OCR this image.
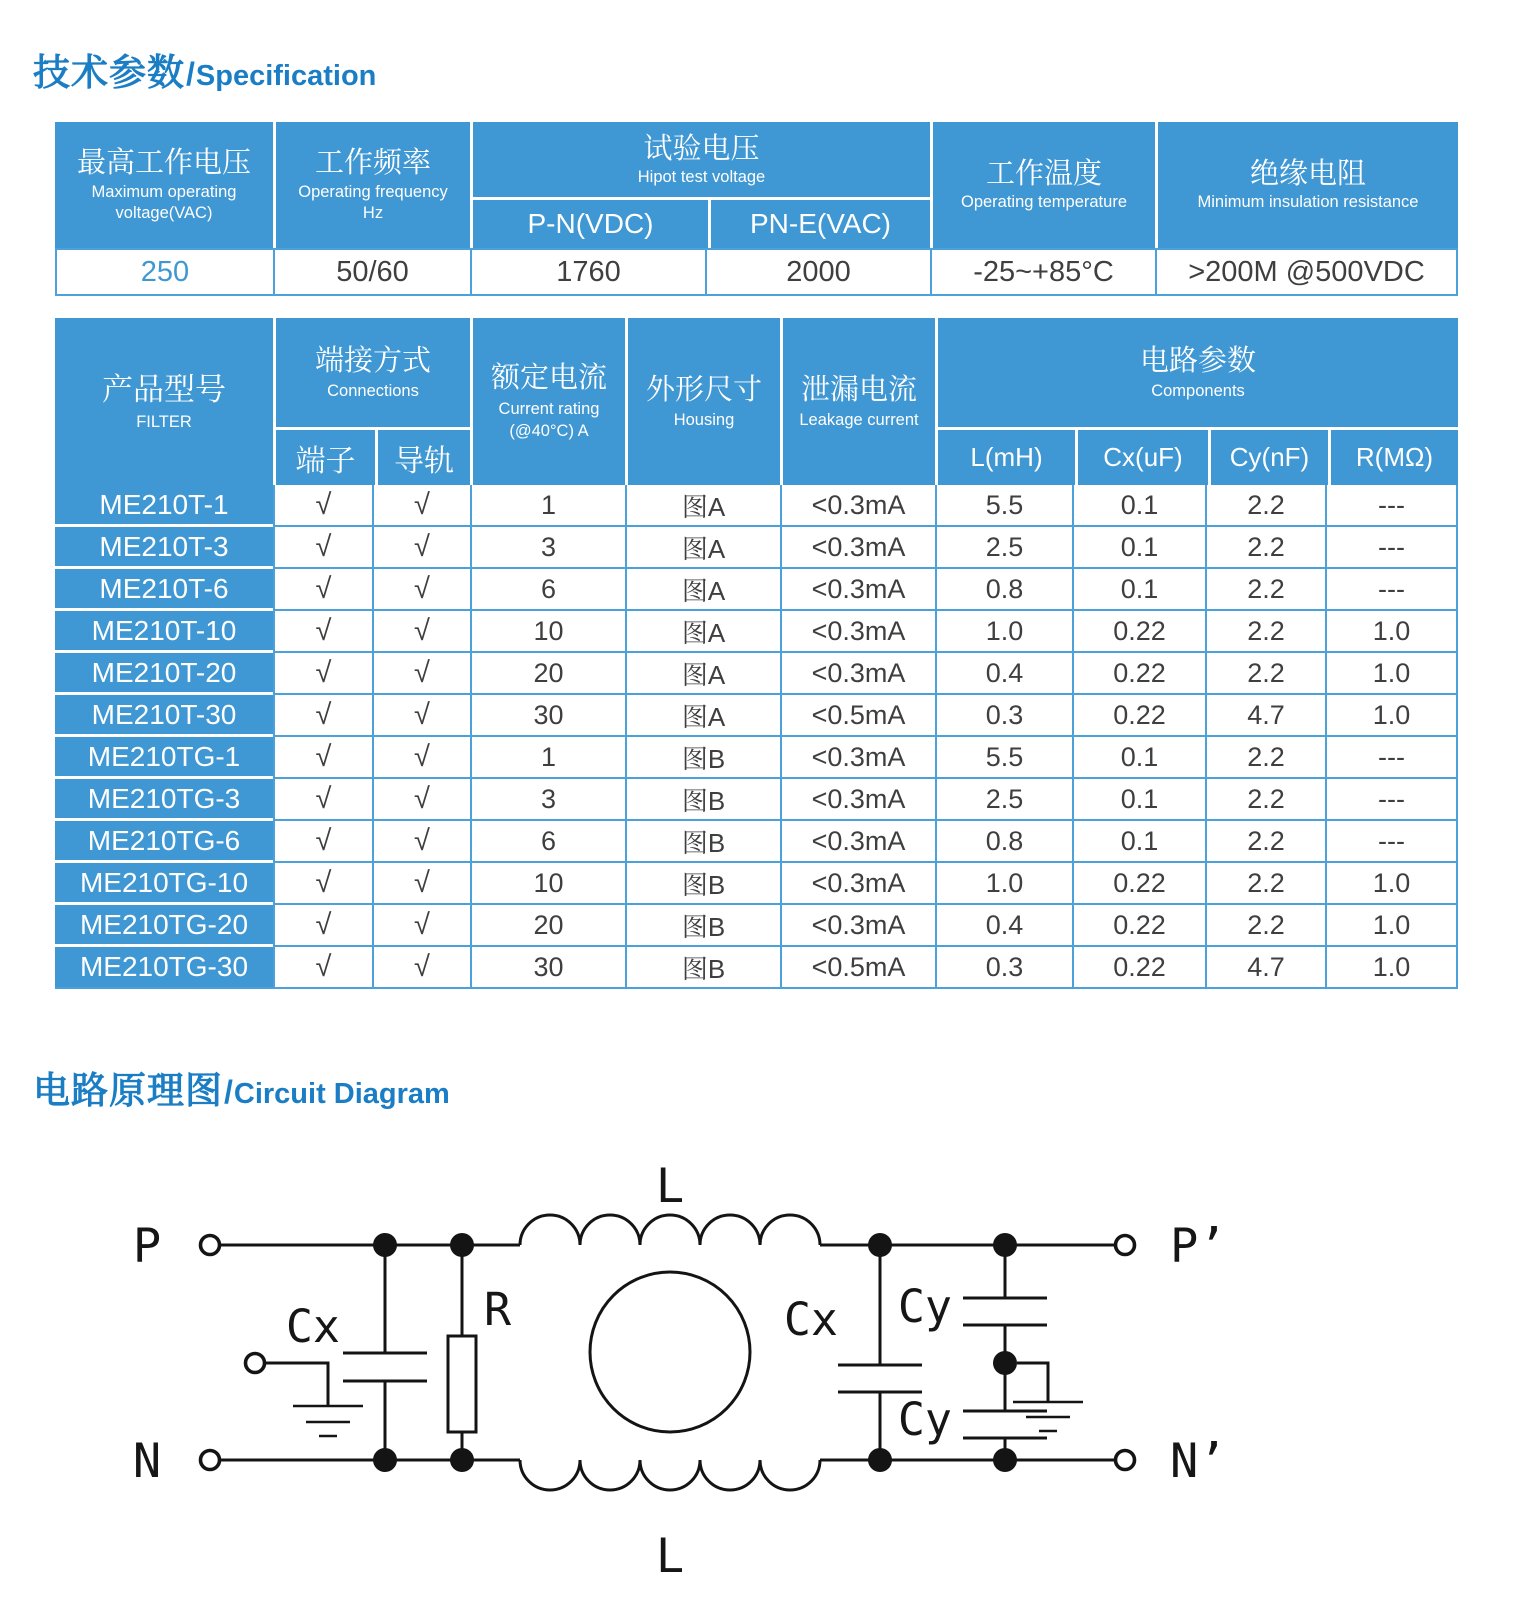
技术参数 / Specification
最高工作电压
Maximum operating
voltage(VAC)
工作频率
Operating frequency
Hz
试验电压
Hipot test voltage
P-N(VDC)	PN-E(VAC)
工作温度
Operating temperature
绝缘电阻
Minimum insulation resistance
250	50/60	1760	2000	-25~+85°C	>200M @500VDC
产品型号
FILTER
端接方式
Connections
端子	导轨
额定电流
Current rating
(@40°C) A
外形尺寸
Housing
泄漏电流
Leakage current
电路参数
Components
L(mH)	Cx(uF)	Cy(nF)	R(MΩ)
ME210T-1	√	√	1	图A	<0.3mA	5.5	0.1	2.2	---
ME210T-3	√	√	3	图A	<0.3mA	2.5	0.1	2.2	---
ME210T-6	√	√	6	图A	<0.3mA	0.8	0.1	2.2	---
ME210T-10	√	√	10	图A	<0.3mA	1.0	0.22	2.2	1.0
ME210T-20	√	√	20	图A	<0.3mA	0.4	0.22	2.2	1.0
ME210T-30	√	√	30	图A	<0.5mA	0.3	0.22	4.7	1.0
ME210TG-1	√	√	1	图B	<0.3mA	5.5	0.1	2.2	---
ME210TG-3	√	√	3	图B	<0.3mA	2.5	0.1	2.2	---
ME210TG-6	√	√	6	图B	<0.3mA	0.8	0.1	2.2	---
ME210TG-10	√	√	10	图B	<0.3mA	1.0	0.22	2.2	1.0
ME210TG-20	√	√	20	图B	<0.3mA	0.4	0.22	2.2	1.0
ME210TG-30	√	√	30	图B	<0.5mA	0.3	0.22	4.7	1.0
电路原理图 / Circuit Diagram
P	P’
L
N	N’
L
Cx	R	Cx Cy
Cy
